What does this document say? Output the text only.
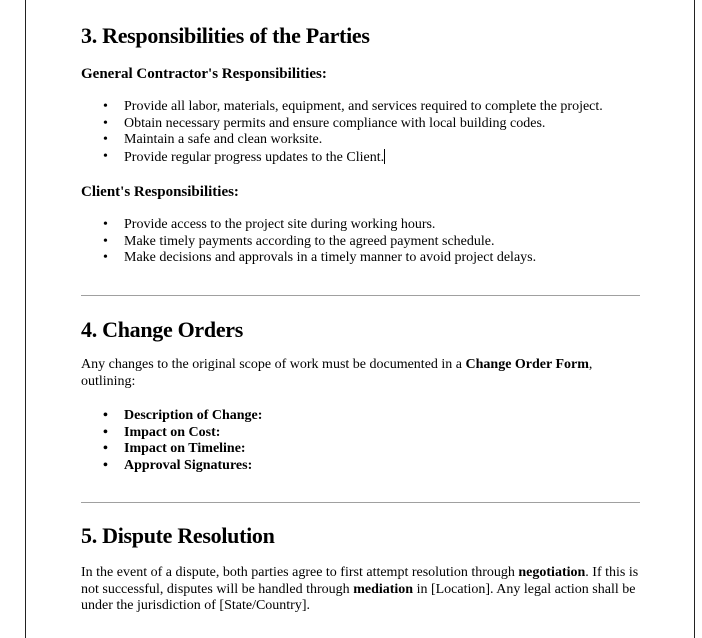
3. Responsibilities of the Parties
General Contractor's Responsibilities:
• Provide all labor, materials, equipment, and services required to complete the project.
• Obtain necessary permits and ensure compliance with local building codes.
• Maintain a safe and clean worksite.
• Provide regular progress updates to the Client.
Client's Responsibilities:
• Provide access to the project site during working hours.
• Make timely payments according to the agreed payment schedule.
• Make decisions and approvals in a timely manner to avoid project delays.
4. Change Orders

Any changes to the original scope of work must be documented in a Change Order Form, outlining:

• Description of Change:
• Impact on Cost:
• Impact on Timeline:
• Approval Signatures:
5. Dispute Resolution

In the event of a dispute, both parties agree to first attempt resolution through negotiation. If this is not successful, disputes will be handled through mediation in [Location]. Any legal action shall be under the jurisdiction of [State/Country].
